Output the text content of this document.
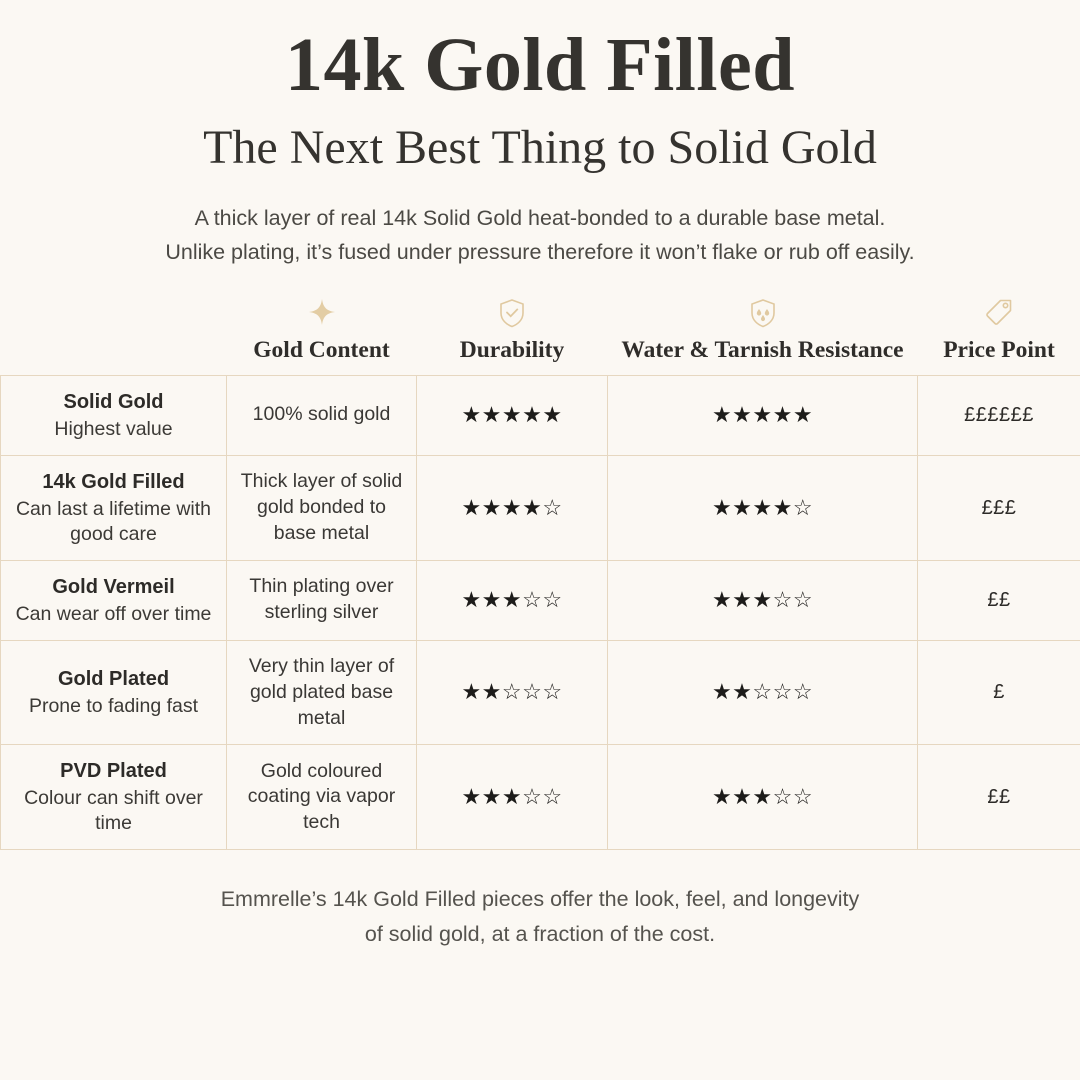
14k Gold Filled
The Next Best Thing to Solid Gold
A thick layer of real 14k Solid Gold heat-bonded to a durable base metal.
Unlike plating, it’s fused under pressure therefore it won’t flake or rub off easily.

	Gold Content	Durability	Water & Tarnish Resistance	Price Point

Solid Gold
Highest value	100% solid gold	★★★★★	★★★★★	££££££

14k Gold Filled
Can last a lifetime with good care	Thick layer of solid gold bonded to base metal	★★★★☆	★★★★☆	£££

Gold Vermeil
Can wear off over time	Thin plating over sterling silver	★★★☆☆	★★★☆☆	££

Gold Plated
Prone to fading fast	Very thin layer of gold plated base metal	★★☆☆☆	★★☆☆☆	£

PVD Plated
Colour can shift over time	Gold coloured coating via vapor tech	★★★☆☆	★★★☆☆	££
Emmrelle’s 14k Gold Filled pieces offer the look, feel, and longevity
of solid gold, at a fraction of the cost.
